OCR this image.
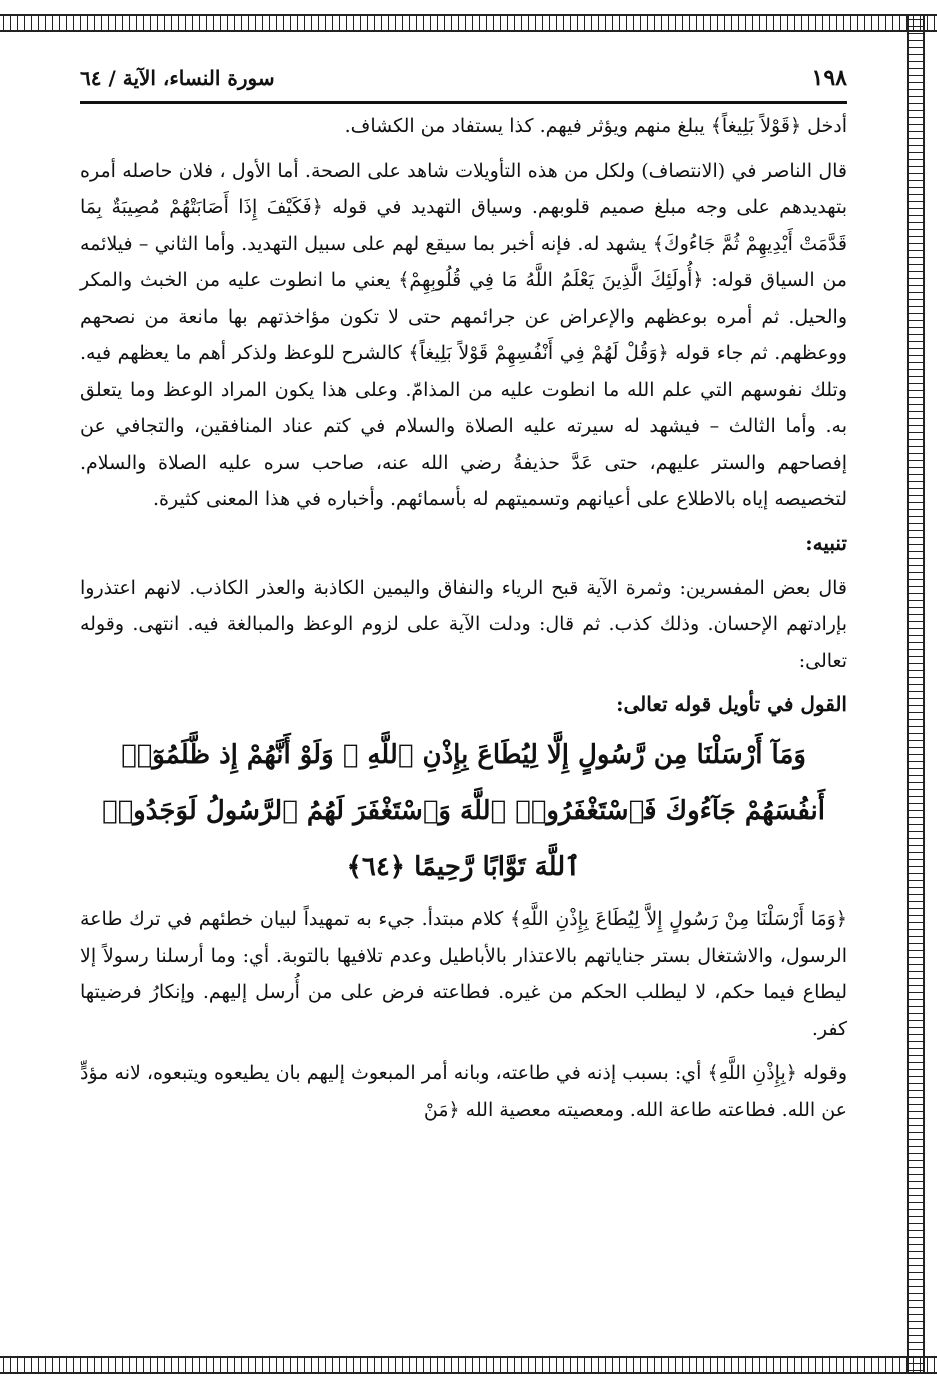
١٩٨
سورة النساء، الآية / ٦٤

أدخل ﴿قَوْلاً بَلِيغاً﴾ يبلغ منهم ويؤثر فيهم. كذا يستفاد من الكشاف.

قال الناصر في (الانتصاف) ولكل من هذه التأويلات شاهد على الصحة. أما الأول ، فلان حاصله أمره بتهديدهم على وجه مبلغ صميم قلوبهم. وسياق التهديد في قوله ﴿فَكَيْفَ إِذَا أَصَابَتْهُمْ مُصِيبَةٌ بِمَا قَدَّمَتْ أَيْدِيهِمْ ثُمَّ جَاءُوكَ﴾ يشهد له. فإنه أخبر بما سيقع لهم على سبيل التهديد. وأما الثاني – فيلائمه من السياق قوله: ﴿أُولَئِكَ الَّذِينَ يَعْلَمُ اللَّهُ مَا فِي قُلُوبِهِمْ﴾ يعني ما انطوت عليه من الخبث والمكر والحيل. ثم أمره بوعظهم والإعراض عن جرائمهم حتى لا تكون مؤاخذتهم بها مانعة من نصحهم ووعظهم. ثم جاء قوله ﴿وَقُلْ لَهُمْ فِي أَنْفُسِهِمْ قَوْلاً بَلِيغاً﴾ كالشرح للوعظ ولذكر أهم ما يعظهم فيه. وتلك نفوسهم التي علم الله ما انطوت عليه من المذامّ. وعلى هذا يكون المراد الوعظ وما يتعلق به. وأما الثالث – فيشهد له سيرته عليه الصلاة والسلام في كتم عناد المنافقين، والتجافي عن إفصاحهم والستر عليهم، حتى عَدَّ حذيفةُ رضي الله عنه، صاحب سره عليه الصلاة والسلام. لتخصيصه إياه بالاطلاع على أعيانهم وتسميتهم له بأسمائهم. وأخباره في هذا المعنى كثيرة.

تنبيه:

قال بعض المفسرين: وثمرة الآية قبح الرياء والنفاق واليمين الكاذبة والعذر الكاذب. لانهم اعتذروا بإرادتهم الإحسان. وذلك كذب. ثم قال: ودلت الآية على لزوم الوعظ والمبالغة فيه. انتهى. وقوله تعالى:

القول في تأويل قوله تعالى:
وَمَآ أَرْسَلْنَا مِن رَّسُولٍ إِلَّا لِيُطَاعَ بِإِذْنِ ٱللَّهِ ۚ وَلَوْ أَنَّهُمْ إِذ ظَّلَمُوٓا۟
أَنفُسَهُمْ جَآءُوكَ فَٱسْتَغْفَرُوا۟ ٱللَّهَ وَٱسْتَغْفَرَ لَهُمُ ٱلرَّسُولُ لَوَجَدُوا۟
ٱللَّهَ تَوَّابًا رَّحِيمًا ﴿٦٤﴾

﴿وَمَا أَرْسَلْنَا مِنْ رَسُولٍ إِلاَّ لِيُطَاعَ بِإِذْنِ اللَّهِ﴾ كلام مبتدأ. جيء به تمهيداً لبيان خطئهم في ترك طاعة الرسول، والاشتغال بستر جناياتهم بالاعتذار بالأباطيل وعدم تلافيها بالتوبة. أي: وما أرسلنا رسولاً إلا ليطاع فيما حكم، لا ليطلب الحكم من غيره. فطاعته فرض على من أُرسل إليهم. وإنكارُ فرضيتها كفر.

وقوله ﴿بِإِذْنِ اللَّهِ﴾ أي: بسبب إذنه في طاعته، وبانه أمر المبعوث إليهم بان يطيعوه ويتبعوه، لانه مؤدٍّ عن الله. فطاعته طاعة الله. ومعصيته معصية الله ﴿مَنْ
